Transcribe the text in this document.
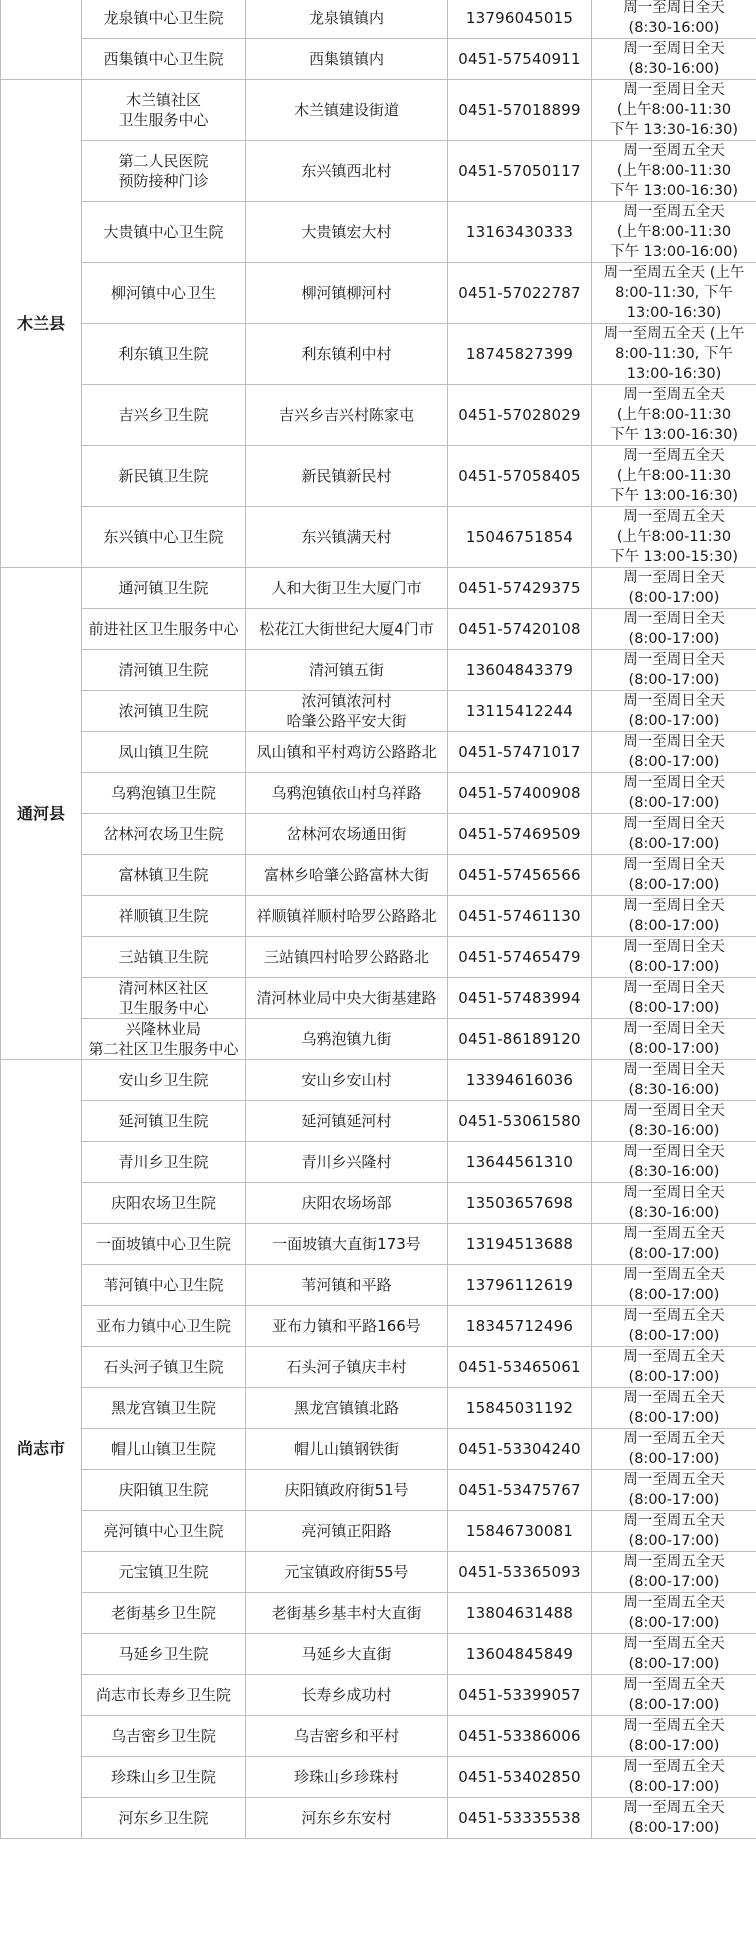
	龙泉镇中心卫生院	龙泉镇镇内	13796045015	周一至周日全天
(8:30-16:00)
	西集镇中心卫生院	西集镇镇内	0451-57540911	周一至周日全天
(8:30-16:00)
木兰县	木兰镇社区
卫生服务中心	木兰镇建设街道	0451-57018899	周一至周日全天
(上午8:00-11:30
下午 13:30-16:30)
	第二人民医院
预防接种门诊	东兴镇西北村	0451-57050117	周一至周五全天
(上午8:00-11:30
下午 13:00-16:30)
	大贵镇中心卫生院	大贵镇宏大村	13163430333	周一至周五全天
(上午8:00-11:30
下午 13:00-16:00)
	柳河镇中心卫生	柳河镇柳河村	0451-57022787	周一至周五全天 (上午
8:00-11:30, 下午
13:00-16:30)
	利东镇卫生院	利东镇利中村	18745827399	周一至周五全天 (上午
8:00-11:30, 下午
13:00-16:30)
	吉兴乡卫生院	吉兴乡吉兴村陈家屯	0451-57028029	周一至周五全天
(上午8:00-11:30
下午 13:00-16:30)
	新民镇卫生院	新民镇新民村	0451-57058405	周一至周五全天
(上午8:00-11:30
下午 13:00-16:30)
	东兴镇中心卫生院	东兴镇满天村	15046751854	周一至周五全天
(上午8:00-11:30
下午 13:00-15:30)
通河县	通河镇卫生院	人和大街卫生大厦门市	0451-57429375	周一至周日全天
(8:00-17:00)
	前进社区卫生服务中心	松花江大街世纪大厦4门市	0451-57420108	周一至周日全天
(8:00-17:00)
	清河镇卫生院	清河镇五街	13604843379	周一至周日全天
(8:00-17:00)
	浓河镇卫生院	浓河镇浓河村
哈肇公路平安大街	13115412244	周一至周日全天
(8:00-17:00)
	凤山镇卫生院	凤山镇和平村鸡访公路路北	0451-57471017	周一至周日全天
(8:00-17:00)
	乌鸦泡镇卫生院	乌鸦泡镇依山村乌祥路	0451-57400908	周一至周日全天
(8:00-17:00)
	岔林河农场卫生院	岔林河农场通田街	0451-57469509	周一至周日全天
(8:00-17:00)
	富林镇卫生院	富林乡哈肇公路富林大街	0451-57456566	周一至周日全天
(8:00-17:00)
	祥顺镇卫生院	祥顺镇祥顺村哈罗公路路北	0451-57461130	周一至周日全天
(8:00-17:00)
	三站镇卫生院	三站镇四村哈罗公路路北	0451-57465479	周一至周日全天
(8:00-17:00)
	清河林区社区
卫生服务中心	清河林业局中央大街基建路	0451-57483994	周一至周日全天
(8:00-17:00)
	兴隆林业局
第二社区卫生服务中心	乌鸦泡镇九街	0451-86189120	周一至周日全天
(8:00-17:00)
尚志市	安山乡卫生院	安山乡安山村	13394616036	周一至周日全天
(8:30-16:00)
	延河镇卫生院	延河镇延河村	0451-53061580	周一至周日全天
(8:30-16:00)
	青川乡卫生院	青川乡兴隆村	13644561310	周一至周日全天
(8:30-16:00)
	庆阳农场卫生院	庆阳农场场部	13503657698	周一至周日全天
(8:30-16:00)
	一面坡镇中心卫生院	一面坡镇大直街173号	13194513688	周一至周五全天
(8:00-17:00)
	苇河镇中心卫生院	苇河镇和平路	13796112619	周一至周五全天
(8:00-17:00)
	亚布力镇中心卫生院	亚布力镇和平路166号	18345712496	周一至周五全天
(8:00-17:00)
	石头河子镇卫生院	石头河子镇庆丰村	0451-53465061	周一至周五全天
(8:00-17:00)
	黑龙宫镇卫生院	黑龙宫镇镇北路	15845031192	周一至周五全天
(8:00-17:00)
	帽儿山镇卫生院	帽儿山镇钢铁街	0451-53304240	周一至周五全天
(8:00-17:00)
	庆阳镇卫生院	庆阳镇政府街51号	0451-53475767	周一至周五全天
(8:00-17:00)
	亮河镇中心卫生院	亮河镇正阳路	15846730081	周一至周五全天
(8:00-17:00)
	元宝镇卫生院	元宝镇政府街55号	0451-53365093	周一至周五全天
(8:00-17:00)
	老街基乡卫生院	老街基乡基丰村大直街	13804631488	周一至周五全天
(8:00-17:00)
	马延乡卫生院	马延乡大直街	13604845849	周一至周五全天
(8:00-17:00)
	尚志市长寿乡卫生院	长寿乡成功村	0451-53399057	周一至周五全天
(8:00-17:00)
	乌吉密乡卫生院	乌吉密乡和平村	0451-53386006	周一至周五全天
(8:00-17:00)
	珍珠山乡卫生院	珍珠山乡珍珠村	0451-53402850	周一至周五全天
(8:00-17:00)
	河东乡卫生院	河东乡东安村	0451-53335538	周一至周五全天
(8:00-17:00)
